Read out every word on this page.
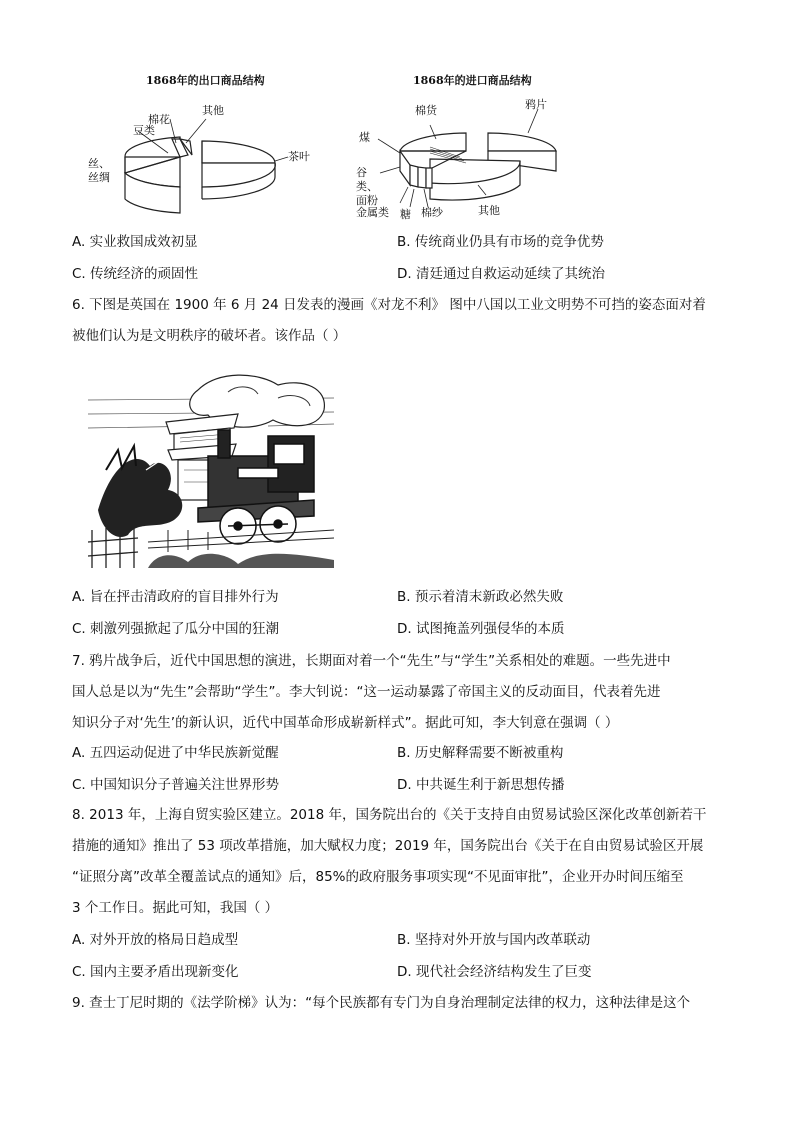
1868年的出口商品结构
棉花
其他
豆类
丝、丝绸
茶叶
1868年的进口商品结构
棉货	鸦片
煤
谷类、面粉
金属类 糖 棉纱	其他
A. 实业救国成效初显	B. 传统商业仍具有市场的竞争优势
C. 传统经济的顽固性	D. 清廷通过自救运动延续了其统治
6. 下图是英国在 1900 年 6 月 24 日发表的漫画《对龙不利》 图中八国以工业文明势不可挡的姿态面对着
被他们认为是文明秩序的破坏者。该作品（ ）
A. 旨在抨击清政府的盲目排外行为	B. 预示着清末新政必然失败
C. 刺激列强掀起了瓜分中国的狂潮	D. 试图掩盖列强侵华的本质
7. 鸦片战争后，近代中国思想的演进，长期面对着一个“先生”与“学生”关系相处的难题。一些先进中
国人总是以为“先生”会帮助“学生”。李大钊说：“这一运动暴露了帝国主义的反动面目，代表着先进
知识分子对‘先生’的新认识，近代中国革命形成崭新样式”。据此可知，李大钊意在强调（ ）
A. 五四运动促进了中华民族新觉醒	B. 历史解释需要不断被重构
C. 中国知识分子普遍关注世界形势	D. 中共诞生利于新思想传播
8. 2013 年，上海自贸实验区建立。2018 年，国务院出台的《关于支持自由贸易试验区深化改革创新若干
措施的通知》推出了 53 项改革措施，加大赋权力度；2019 年，国务院出台《关于在自由贸易试验区开展
“证照分离”改革全覆盖试点的通知》后，85%的政府服务事项实现“不见面审批”，企业开办时间压缩至
3 个工作日。据此可知，我国（ ）
A. 对外开放的格局日趋成型	B. 坚持对外开放与国内改革联动
C. 国内主要矛盾出现新变化	D. 现代社会经济结构发生了巨变
9. 查士丁尼时期的《法学阶梯》认为：“每个民族都有专门为自身治理制定法律的权力，这种法律是这个
